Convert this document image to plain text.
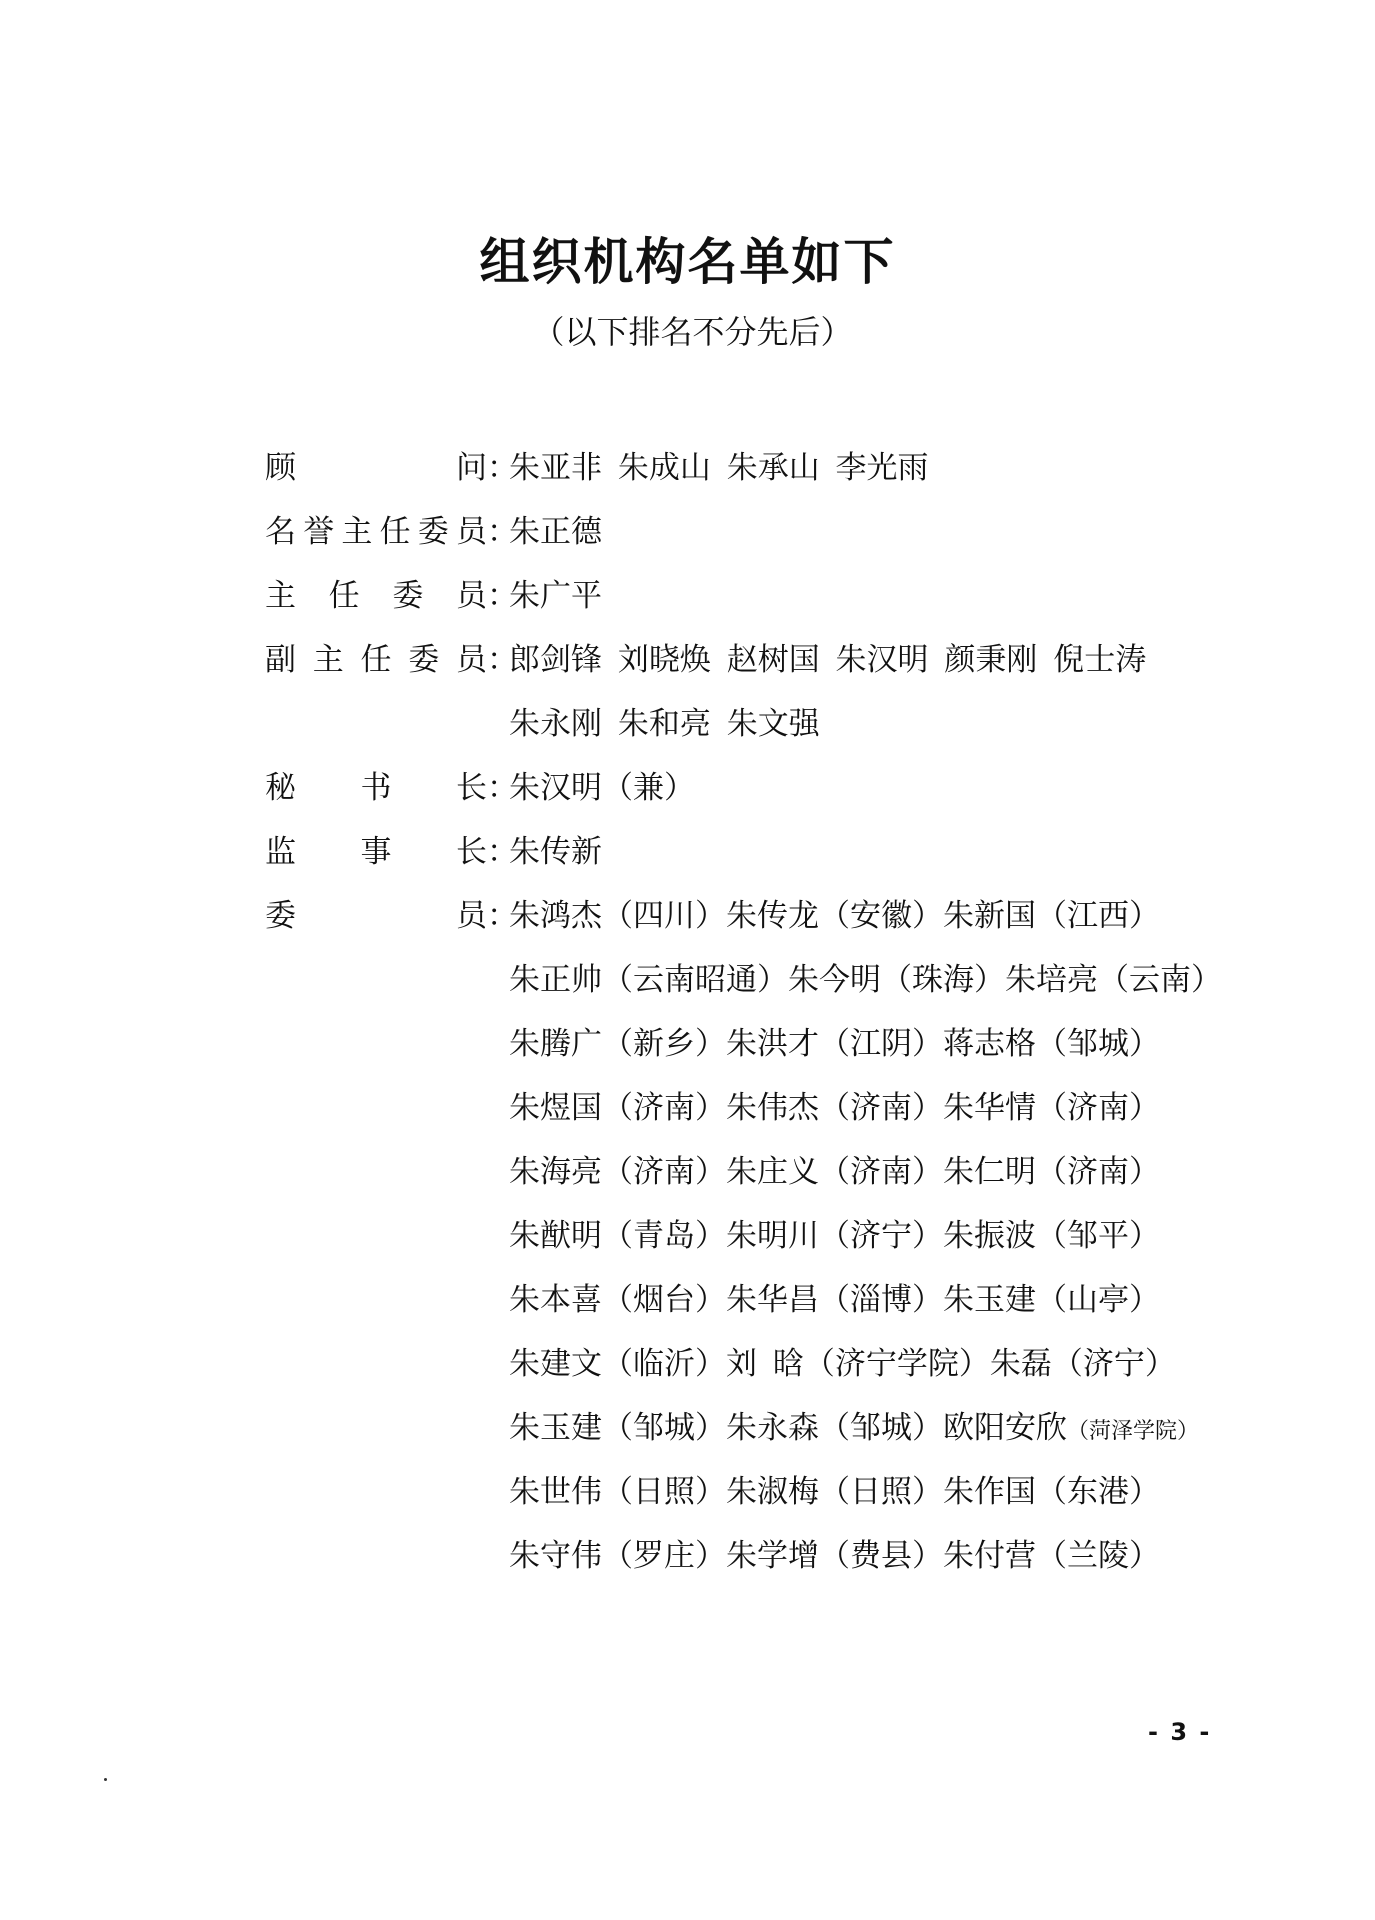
组织机构名单如下
（以下排名不分先后）
顾问 ：
朱亚非 朱成山 朱承山 李光雨
名誉主任委员 ：
朱正德
主任委员 ：
朱广平
副主任委员 ：
郎剑锋 刘晓焕 赵树国 朱汉明 颜秉刚 倪士涛
朱永刚 朱和亮 朱文强
秘书长 ：
朱汉明（兼）
监事长 ：
朱传新
委员 ：
朱鸿杰（四川）朱传龙（安徽）朱新国（江西）
朱正帅（云南昭通）朱今明（珠海）朱培亮（云南）
朱腾广（新乡）朱洪才（江阴）蒋志格（邹城）
朱煜国（济南）朱伟杰（济南）朱华情（济南）
朱海亮（济南）朱庄义（济南）朱仁明（济南）
朱猷明（青岛）朱明川（济宁）朱振波（邹平）
朱本喜（烟台）朱华昌（淄博）朱玉建（山亭）
朱建文（临沂）刘 晗（济宁学院）朱磊（济宁）
朱玉建（邹城）朱永森（邹城）欧阳安欣（菏泽学院）
朱世伟（日照）朱淑梅（日照）朱作国（东港）
朱守伟（罗庄）朱学增（费县）朱付营（兰陵）
- 3 -
